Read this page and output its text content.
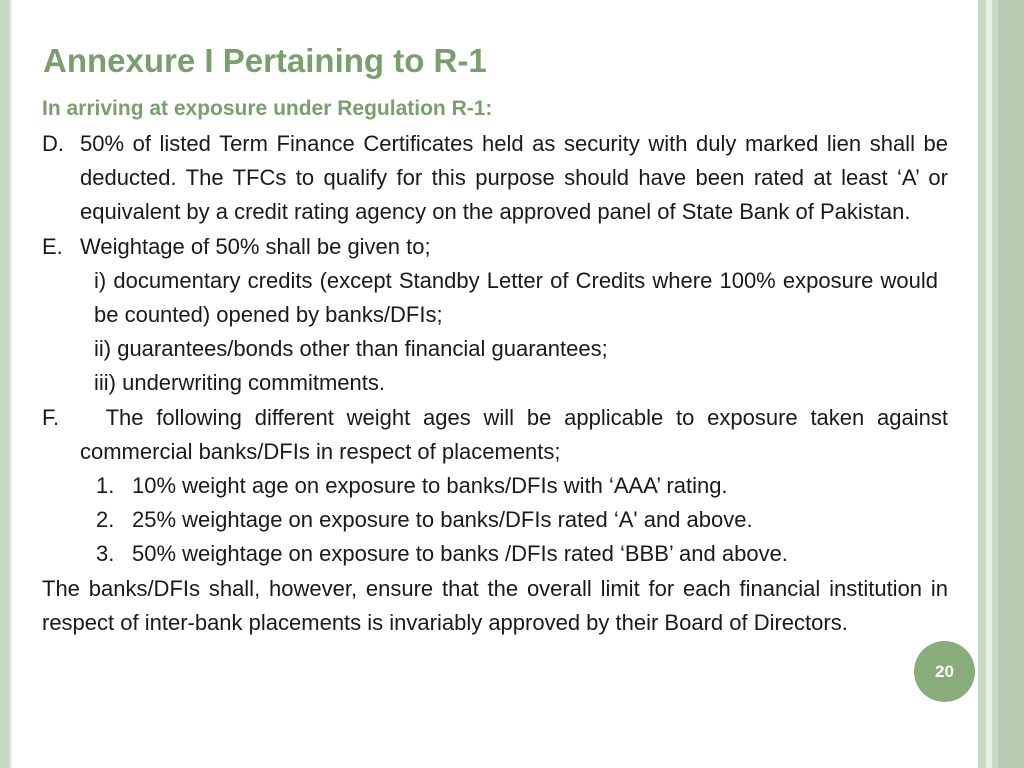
Annexure I Pertaining to R-1
In arriving at exposure under Regulation R-1:
D. 50% of listed Term Finance Certificates held as security with duly marked lien shall be deducted. The TFCs to qualify for this purpose should have been rated at least ‘A’ or equivalent by a credit rating agency on the approved panel of State Bank of Pakistan.
E. Weightage of 50% shall be given to;
i) documentary credits (except Standby Letter of Credits where 100% exposure would be counted) opened by banks/DFIs;
ii) guarantees/bonds other than financial guarantees;
iii) underwriting commitments.
F. The following different weight ages will be applicable to exposure taken against commercial banks/DFIs in respect of placements;
1. 10% weight age on exposure to banks/DFIs with ‘AAA’ rating.
2. 25% weightage on exposure to banks/DFIs rated ‘A' and above.
3. 50% weightage on exposure to banks /DFIs rated ‘BBB’ and above.
The banks/DFIs shall, however, ensure that the overall limit for each financial institution in respect of inter-bank placements is invariably approved by their Board of Directors.
20
